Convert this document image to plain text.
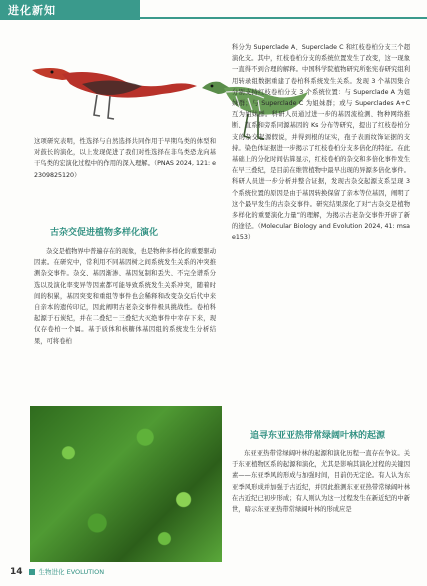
进化新知

这项研究表明，性选择与自然选择共同作用于早期鸟类的体型和对鼓长的演化，以上发现促进了我们对性选择在非鸟类恐龙向基干鸟类的宏演化过程中的作用的深入理解。（PNAS 2024, 121: e2309825120）

古杂交促进植物多样化演化

杂交是植物界中普遍存在的现象，也是物种多样化的重要驱动因素。在研究中，常利用不同基因树之间系统发生关系的冲突推测杂交事件。杂交、基因渐渗、基因复制和丢失、不完全谱系分选以及演化率变异等因素都可能导致系统发生关系冲突，随着时间的积累，基因突变和重组等事件也会稀释和改变杂交后代中来自亲本的遗传印记，因此阐明古老杂交事件极具挑战性。卷柏科起源于石炭纪，并在二叠纪－三叠纪大灭绝事件中幸存下来，现仅存卷柏一个属。基于质体和核糖体基因组的系统发生分析结果，可将卷柏

科分为 Superclade A、Superclade C 和红枝卷柏分支三个超演化支。其中，红枝卷柏分支的系统位置发生了改变，这一现象一直得不到合理的解释。中国科学院植物研究所张宪春研究组利用转录组数据重建了卷柏科系统发生关系。发现 3 个基因集合分别支持红枝卷柏分支 3 个系统位置：与 Superclade A 为姐妹群；与 Superclade C 为姐妹群；或与 Superclades A+C 互为姐妹群。科研人员通过进一步的基因流检测、物种网络推断、直系和旁系同源基因的 Ks 分布等研究，提出了红枝卷柏分支的杂交起源假说，并得到根的证实，孢子表面纹饰证据的支持。染色体证据进一步揭示了红枝卷柏分支多倍化的特征。在此基础上的分化时间估算显示，红枝卷柏的杂交和多倍化事件发生在早三叠纪，是目前在维管植物中最早出现的异源多倍化事件。科研人员进一步分析并整合证据，发现古杂交起源支系呈现 3 个系统位置的原因是由于基因转换保留了亲本等位基因，阐明了这个最早发生的古杂交事件。研究结果深化了对“古杂交是植物多样化的重要演化力量”的理解，为揭示古老杂交事件开辟了新的途径。（Molecular Biology and Evolution 2024, 41: msae153）

追寻东亚亚热带常绿阔叶林的起源

东亚亚热带常绿阔叶林的起源和演化历程一直存在争议。关于东亚植物区系的起源和演化，尤其是影响其演化过程的关键因素——东亚季风的形成与加强时间，目前仍无定论。有人认为东亚季风形成并加强于古近纪，并因此推测东亚亚热带常绿阔叶林在古近纪已初步形成；有人则认为这一过程发生在新近纪的中新世，暗示东亚亚热带常绿阔叶林的形成应是

14 生物进化 EVOLUTION
